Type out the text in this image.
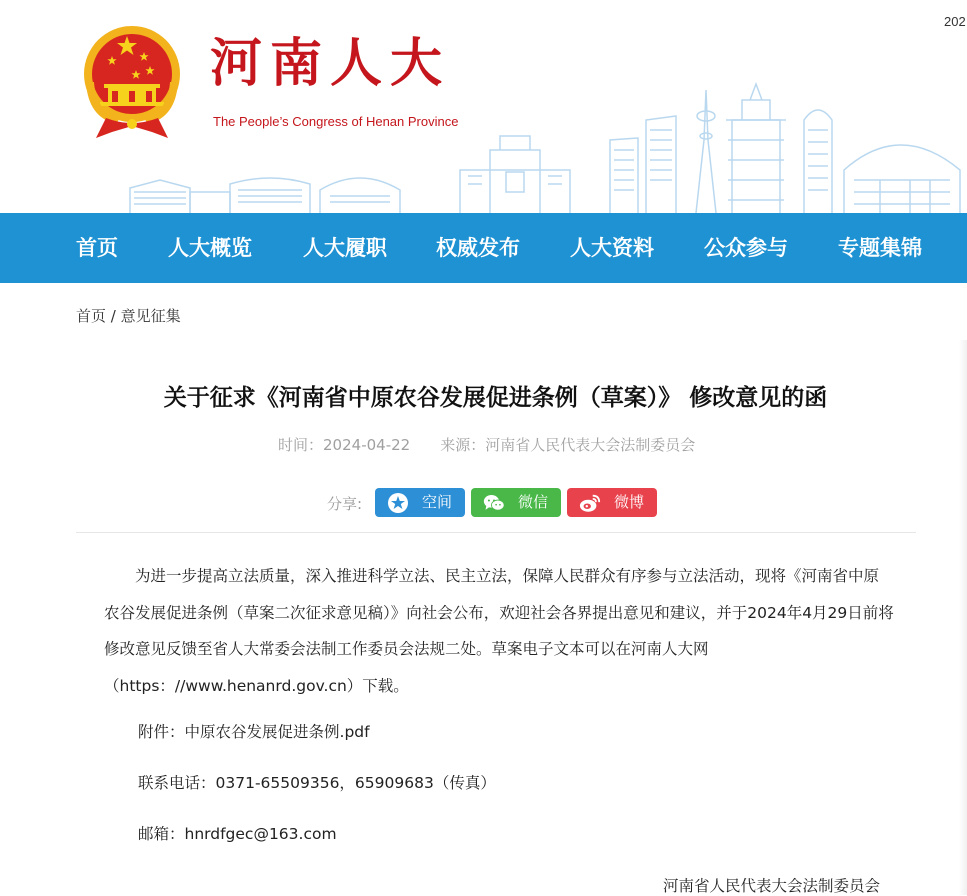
202
河南人大
The People’s Congress of Henan Province
首页 人大概览 人大履职 权威发布 人大资料 公众参与 专题集锦
首页 / 意见征集
关于征求《河南省中原农谷发展促进条例（草案）》 修改意见的函
时间：2024-04-22 来源：河南省人民代表大会法制委员会
分享:	空间	微信	微博

为进一步提高立法质量，深入推进科学立法、民主立法，保障人民群众有序参与立法活动，现将《河南省中原农谷发展促进条例（草案二次征求意见稿）》向社会公布，欢迎社会各界提出意见和建议，并于2024年4月29日前将修改意见反馈至省人大常委会法制工作委员会法规二处。草案电子文本可以在河南人大网（https：//www.henanrd.gov.cn）下载。

附件：中原农谷发展促进条例.pdf
联系电话：0371-65509356，65909683（传真）
邮箱：hnrdfgec@163.com
河南省人民代表大会法制委员会
